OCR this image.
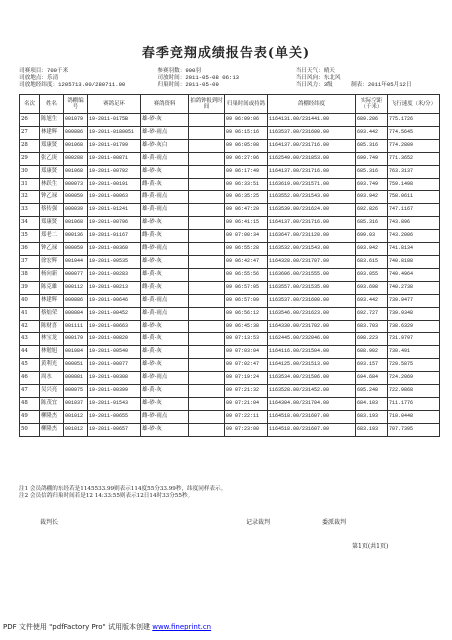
春季竞翔成绩报告表(单关)
司赛项目：700千米	参赛羽数：900羽	当日天气：晴天
司放地点：乐清	司放时间：2011-05-08 06:13	当日风向：东北风
司放地经纬度：1205713.00/280711.00	归巢时间：2011-05-09	当日风力：3级	制表：2011年05月12日
名次	姓名	鸽棚编号	赛鸽足环	赛鸽资料	拍鸽钟报到时间	归巢时间或持鸽	鸽棚经纬度	实际空距（千米）	飞行速度（米/分）
26	陈旭生	001079	19-2011-0175B	雄-砂-灰		09 06:09:06	1164131.00/231441.00	689.206	775.1726
27	林建辉	000886	19-2011-0180051	雄-砂-雨点		09 06:15:16	1163537.00/231600.00	693.442	774.5645
28	郑康贤	001068	19-2011-01799	雄-砂-灰白		09 06:05:08	1164137.00/231716.00	685.316	774.2809
29	张乙庚	000288	19-2011-00871	雄-黄-雨点		09 06:27:06	1162549.00/231853.00	699.749	771.3652
30	郑康贤	001068	19-2011-00792	雄-砂-灰		09 06:17:49	1164137.00/231716.00	685.316	763.3137
31	林跃生	000073	19-2011-00191	雌-黄-灰		09 06:33:51	1163619.00/231571.00	693.749	759.1498
32	钟乙禄	000059	19-2011-00063	雌-黄-雨点		09 06:35:25	1163552.00/231543.00	693.942	758.0611
33	蔡传强	000039	19-2011-01241	雄-黄-雨点		09 06:47:20	1163539.00/231624.00	692.826	747.1167
34	郑康贤	001068	19-2011-00796	雄-砂-灰		09 06:41:15	1164137.00/231716.00	685.316	743.896
35	郑老二	000136	19-2011-01167	雌-黄-灰		09 07:00:34	1163647.00/231120.00	699.03	743.2006
36	钟乙禄	000059	19-2011-00360	雌-砂-雨点		09 06:55:28	1163532.00/231543.00	693.942	741.8134
37	徐宏辉	001044	19-2011-00535	雄-砂-灰		09 06:42:47	1164328.00/231707.00	683.615	740.8188
38	杨向新	000077	19-2011-00283	雄-黄-灰		09 06:55:56	1163606.00/231555.00	693.055	740.4964
39	陈克雄	000112	19-2011-00213	雌-黄-灰		09 06:57:05	1163557.00/231535.00	693.698	740.2738
40	林建辉	000886	19-2011-00646	雄-黄-雨点		09 06:57:09	1163537.00/231600.00	693.442	739.9477
41	蔡灿荣	000084	19-2011-00452	雄-黄-雨点		09 06:56:12	1163546.00/231623.00	692.727	739.9348
42	陈财喜	001111	19-2011-00663	雄-砂-灰		09 06:45:38	1164330.00/231702.00	683.703	738.6329
43	林宝龙	000179	19-2011-00820	雄-黄-灰		09 07:13:53	1162445.00/232046.00	698.223	731.9797
44	林勉旭	001084	19-2011-00540	雄-黄-灰		09 07:03:04	1164116.00/231504.00	688.902	730.491
45	黄利光	000051	19-2011-00077	雄-砂-灰		09 07:02:47	1164125.00/231513.00	693.157	729.5875
46	周水	000081	19-2011-00308	雄-砂-雨点		09 07:19:24	1163534.00/231506.00	694.684	724.2069
47	吴兴亮	000075	19-2011-00399	雄-黄-灰		09 07:21:32	1163528.00/231452.00	695.248	722.9868
48	陈茂宜	001037	19-2011-01543	雄-砂-灰		09 07:21:04	1164304.00/231704.00	684.103	711.1776
49	柳隆杰	001012	19-2011-00655	雌-砂-雨点		09 07:22:11	1164518.00/231607.00	683.193	710.0448
50	柳隆杰	001012	19-2011-00657	雄-砂-灰		09 07:23:00	1164518.00/231607.00	683.193	707.7395
注1 会员鸽棚的东经若是1145533.99则表示114度55分33.99秒，纬度同样表示。
注2 会员信鸽归巢时间若是12 14:33:55则表示12日14时33分55秒。
裁判长	记录裁判	委派裁判
第1页(共1页)
PDF 文件使用 "pdfFactory Pro" 试用版本创建 www.fineprint.cn
